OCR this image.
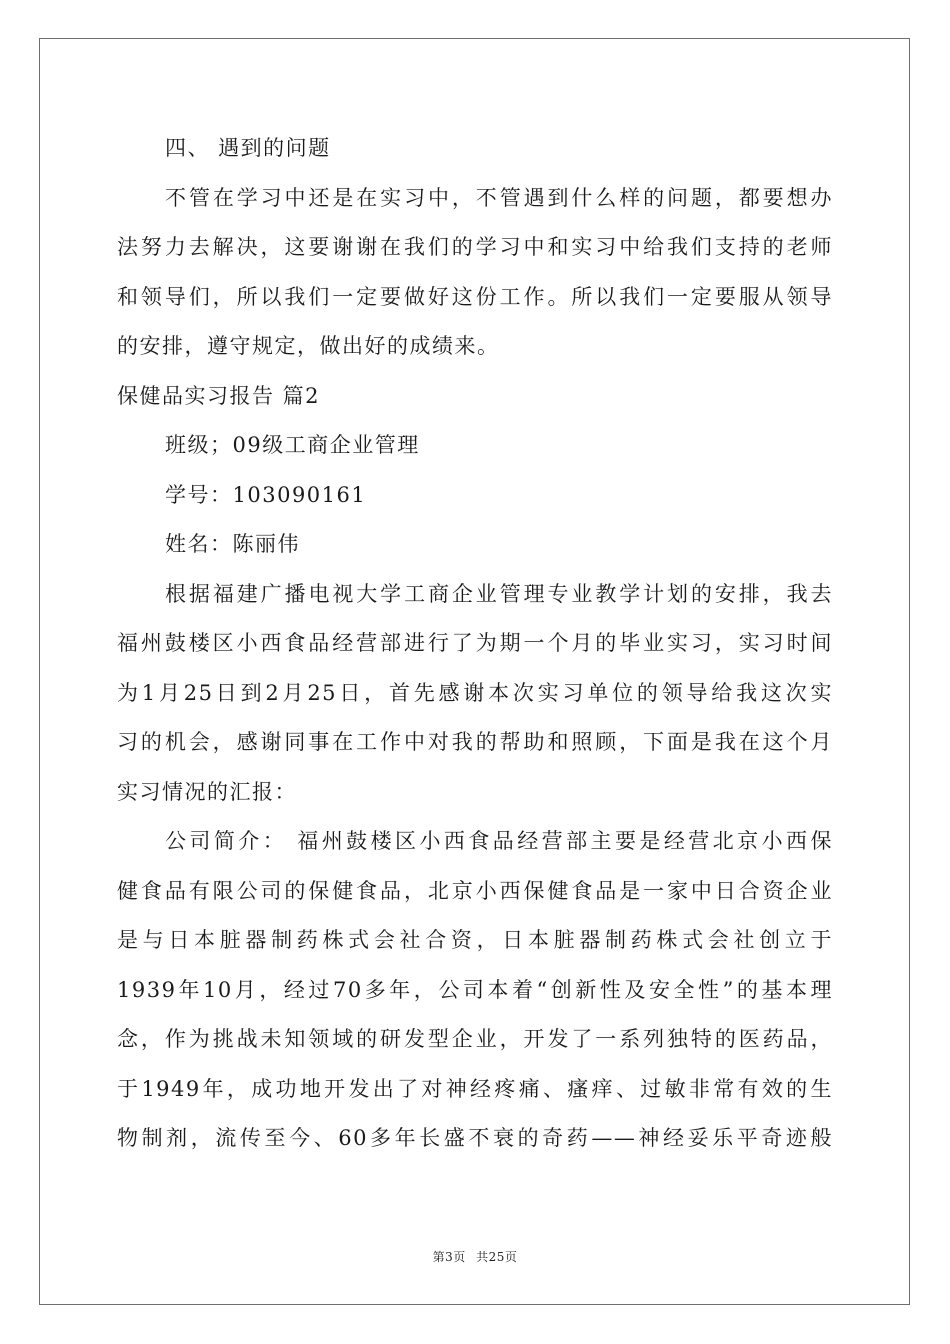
四、 遇到的问题

不管在学习中还是在实习中，不管遇到什么样的问题，都要想办

法努力去解决，这要谢谢在我们的学习中和实习中给我们支持的老师

和领导们，所以我们一定要做好这份工作。所以我们一定要服从领导

的安排，遵守规定，做出好的成绩来。

保健品实习报告 篇2

班级；09级工商企业管理

学号：103090161

姓名：陈丽伟

根据福建广播电视大学工商企业管理专业教学计划的安排，我去

福州鼓楼区小西食品经营部进行了为期一个月的毕业实习，实习时间

为1月25日到2月25日，首先感谢本次实习单位的领导给我这次实

习的机会，感谢同事在工作中对我的帮助和照顾，下面是我在这个月

实习情况的汇报：

公司简介： 福州鼓楼区小西食品经营部主要是经营北京小西保

健食品有限公司的保健食品，北京小西保健食品是一家中日合资企业

是与日本脏器制药株式会社合资，日本脏器制药株式会社创立于

1939年10月，经过70多年，公司本着“创新性及安全性”的基本理

念，作为挑战未知领域的研发型企业，开发了一系列独特的医药品，

于1949年，成功地开发出了对神经疼痛、瘙痒、过敏非常有效的生

物制剂，流传至今、60多年长盛不衰的奇药——神经妥乐平奇迹般

第3页 共25页
